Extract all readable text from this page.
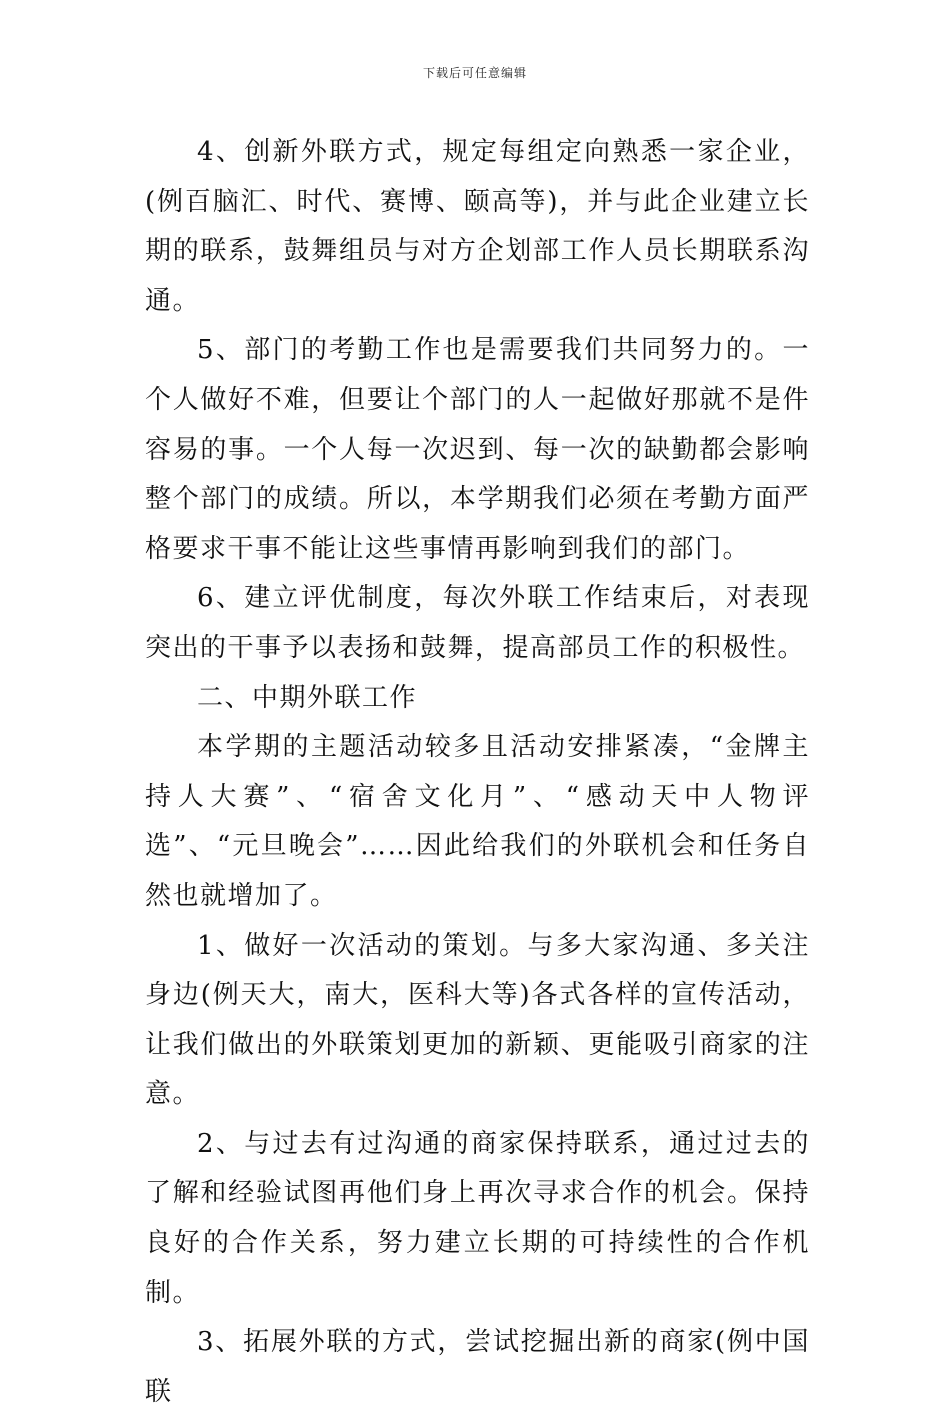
下载后可任意编辑

4、创新外联方式，规定每组定向熟悉一家企业，(例百脑汇、时代、赛博、颐高等)，并与此企业建立长期的联系，鼓舞组员与对方企划部工作人员长期联系沟通。

5、部门的考勤工作也是需要我们共同努力的。一个人做好不难，但要让个部门的人一起做好那就不是件容易的事。一个人每一次迟到、每一次的缺勤都会影响整个部门的成绩。所以，本学期我们必须在考勤方面严格要求干事不能让这些事情再影响到我们的部门。

6、建立评优制度，每次外联工作结束后，对表现突出的干事予以表扬和鼓舞，提高部员工作的积极性。

二、中期外联工作

本学期的主题活动较多且活动安排紧凑，“金牌主持人大赛”、“宿舍文化月”、“感动天中人物评选”、“元旦晚会”……因此给我们的外联机会和任务自然也就增加了。

1、做好一次活动的策划。与多大家沟通、多关注身边(例天大，南大，医科大等)各式各样的宣传活动，让我们做出的外联策划更加的新颖、更能吸引商家的注意。

2、与过去有过沟通的商家保持联系，通过过去的了解和经验试图再他们身上再次寻求合作的机会。保持良好的合作关系，努力建立长期的可持续性的合作机制。

3、拓展外联的方式，尝试挖掘出新的商家(例中国联
